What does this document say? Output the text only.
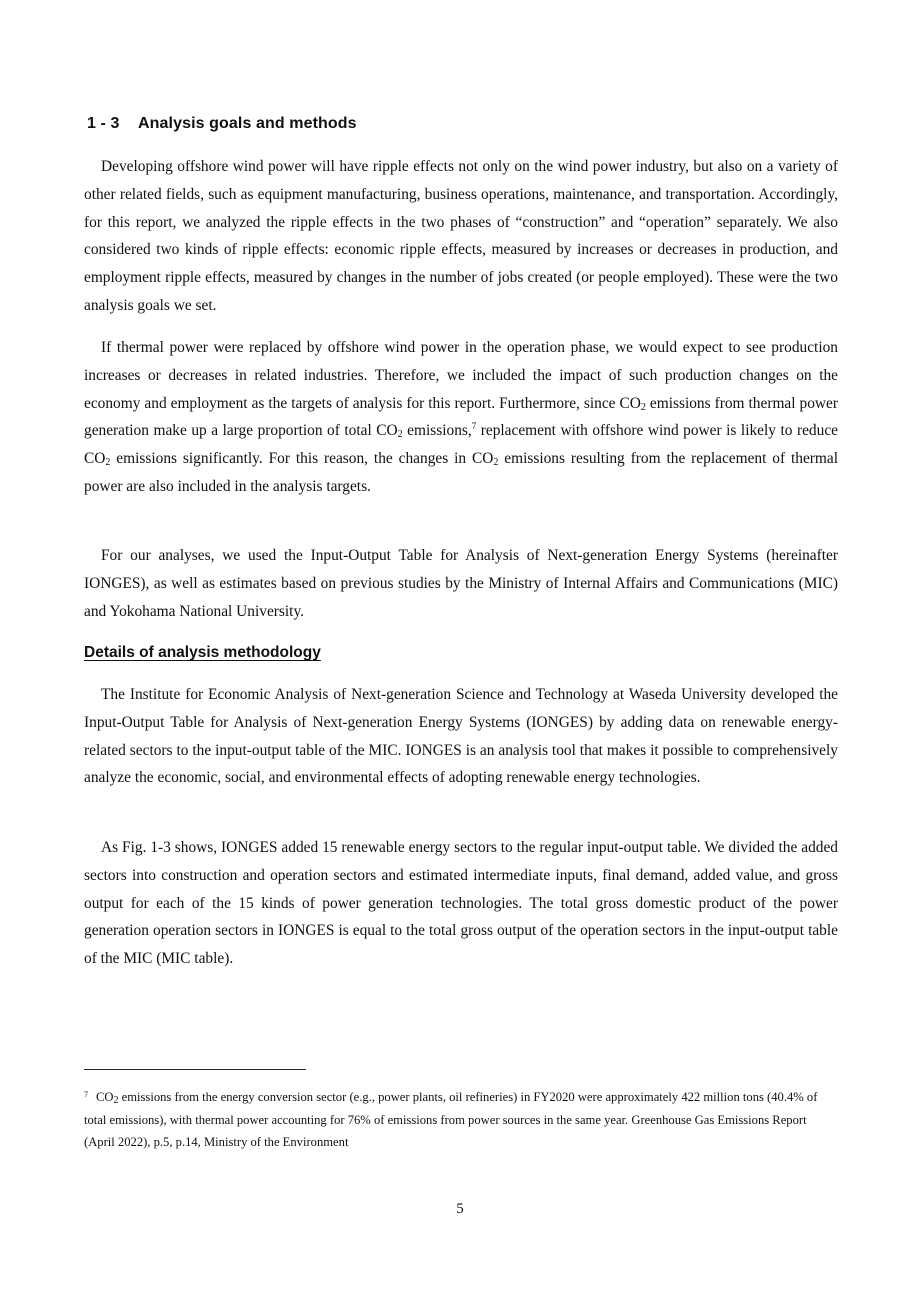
1 - 3 Analysis goals and methods

Developing offshore wind power will have ripple effects not only on the wind power industry, but also on a variety of other related fields, such as equipment manufacturing, business operations, maintenance, and transportation. Accordingly, for this report, we analyzed the ripple effects in the two phases of “construction” and “operation” separately. We also considered two kinds of ripple effects: economic ripple effects, measured by increases or decreases in production, and employment ripple effects, measured by changes in the number of jobs created (or people employed). These were the two analysis goals we set.

If thermal power were replaced by offshore wind power in the operation phase, we would expect to see production increases or decreases in related industries. Therefore, we included the impact of such production changes on the economy and employment as the targets of analysis for this report. Furthermore, since $CO_2$ emissions from thermal power generation make up a large proportion of total $CO_2$ emissions,$^7$ replacement with offshore wind power is likely to reduce $CO_2$ emissions significantly. For this reason, the changes in $CO_2$ emissions resulting from the replacement of thermal power are also included in the analysis targets.

For our analyses, we used the Input-Output Table for Analysis of Next-generation Energy Systems (hereinafter IONGES), as well as estimates based on previous studies by the Ministry of Internal Affairs and Communications (MIC) and Yokohama National University.

Details of analysis methodology

The Institute for Economic Analysis of Next-generation Science and Technology at Waseda University developed the Input-Output Table for Analysis of Next-generation Energy Systems (IONGES) by adding data on renewable energy-related sectors to the input-output table of the MIC. IONGES is an analysis tool that makes it possible to comprehensively analyze the economic, social, and environmental effects of adopting renewable energy technologies.

As Fig. 1-3 shows, IONGES added 15 renewable energy sectors to the regular input-output table. We divided the added sectors into construction and operation sectors and estimated intermediate inputs, final demand, added value, and gross output for each of the 15 kinds of power generation technologies. The total gross domestic product of the power generation operation sectors in IONGES is equal to the total gross output of the operation sectors in the input-output table of the MIC (MIC table).

$^7$ $CO_2$ emissions from the energy conversion sector (e.g., power plants, oil refineries) in FY2020 were approximately 422 million tons (40.4% of total emissions), with thermal power accounting for 76% of emissions from power sources in the same year. Greenhouse Gas Emissions Report (April 2022), p.5, p.14, Ministry of the Environment

5
